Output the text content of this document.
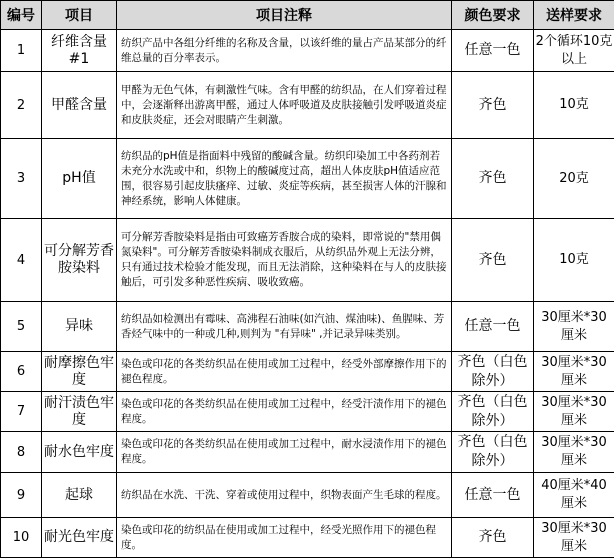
编号	项目	项目注释	颜色要求	送样要求
1	纤维含量#1	纺织产品中各组分纤维的名称及含量，以该纤维的量占产品某部分的纤维总量的百分率表示。	任意一色	2个循环10克以上
2	甲醛含量	甲醛为无色气体，有刺激性气味。含有甲醛的纺织品，在人们穿着过程中，会逐渐释出游离甲醛，通过人体呼吸道及皮肤接触引发呼吸道炎症和皮肤炎症，还会对眼睛产生刺激。	齐色	10克
3	pH值	纺织品的pH值是指面料中残留的酸碱含量。纺织印染加工中各药剂若未充分水洗或中和，织物上的酸碱度过高，超出人体皮肤pH值适应范围，很容易引起皮肤瘙痒、过敏、炎症等疾病，甚至损害人体的汗腺和神经系统，影响人体健康。	齐色	20克
4	可分解芳香胺染料	可分解芳香胺染料是指由可致癌芳香胺合成的染料，即常说的"禁用偶氮染料"。可分解芳香胺染料制成衣服后，从纺织品外观上无法分辨，只有通过技术检验才能发现，而且无法消除，这种染料在与人的皮肤接触后，可引发多种恶性疾病、吸收致癌。	齐色	10克
5	异味	纺织品如检测出有霉味、高沸程石油味(如汽油、煤油味)、鱼腥味、芳香烃气味中的一种或几种,则判为 "有异味" ,并记录异味类别。	任意一色	30厘米*30厘米
6	耐摩擦色牢度	染色或印花的各类纺织品在使用或加工过程中，经受外部摩擦作用下的褪色程度。	齐色（白色除外）	30厘米*30厘米
7	耐汗渍色牢度	染色或印花的各类纺织品在使用或加工过程中，经受汗渍作用下的褪色程度。	齐色（白色除外）	30厘米*30厘米
8	耐水色牢度	染色或印花的各类纺织品在使用或加工过程中，耐水浸渍作用下的褪色程度。	齐色（白色除外）	30厘米*30厘米
9	起球	纺织品在水洗、干洗、穿着或使用过程中，织物表面产生毛球的程度。	任意一色	40厘米*40厘米
10	耐光色牢度	染色或印花的纺织品在使用或加工过程中，经受光照作用下的褪色程度。	齐色	30厘米*30厘米
